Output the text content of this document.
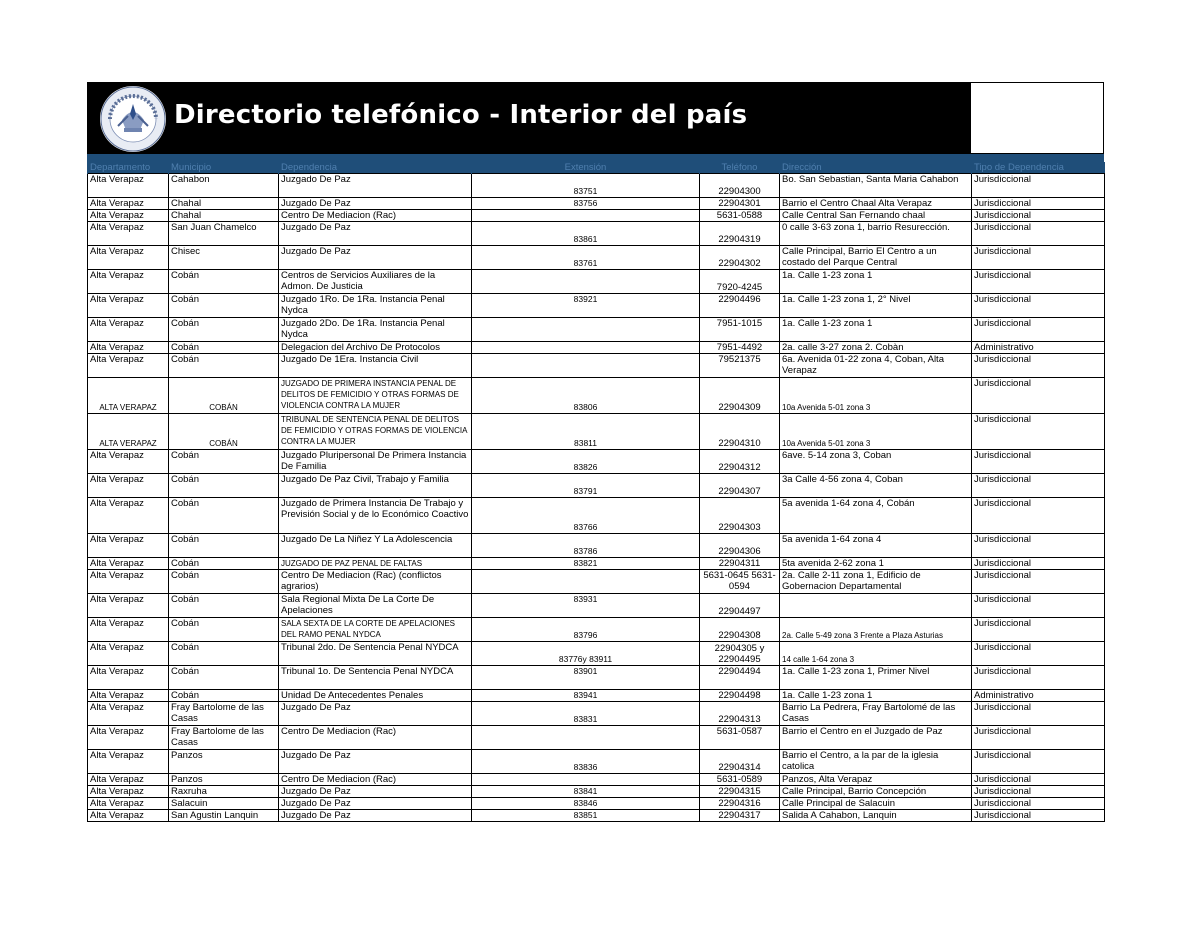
Directorio telefónico - Interior del país
Departamento	Municipio	Dependencia	Extensión	Teléfono	Dirección	Tipo de Dependencia
Alta Verapaz	Cahabon	Juzgado De Paz	83751	22904300	Bo. San Sebastian, Santa Maria Cahabon	Jurisdiccional
Alta Verapaz	Chahal	Juzgado De Paz	83756	22904301	Barrio el Centro Chaal Alta Verapaz	Jurisdiccional
Alta Verapaz	Chahal	Centro De Mediacion (Rac)		5631-0588	Calle Central San Fernando chaal	Jurisdiccional
Alta Verapaz	San Juan Chamelco	Juzgado De Paz	83861	22904319	0 calle 3-63 zona 1, barrio Resurección.	Jurisdiccional
Alta Verapaz	Chisec	Juzgado De Paz	83761	22904302	Calle Principal, Barrio El Centro a un costado del Parque Central	Jurisdiccional
Alta Verapaz	Cobán	Centros de Servicios Auxiliares de la Admon. De Justicia		7920-4245	1a. Calle 1-23 zona 1	Jurisdiccional
Alta Verapaz	Cobán	Juzgado 1Ro. De 1Ra. Instancia Penal Nydca	83921	22904496	1a. Calle 1-23 zona 1, 2° Nivel	Jurisdiccional
Alta Verapaz	Cobán	Juzgado 2Do. De 1Ra. Instancia Penal Nydca		7951-1015	1a. Calle 1-23 zona 1	Jurisdiccional
Alta Verapaz	Cobán	Delegacion del Archivo De Protocolos		7951-4492	2a. calle 3-27 zona 2. Cobàn	Administrativo
Alta Verapaz	Cobán	Juzgado De 1Era. Instancia Civil		79521375	6a. Avenida 01-22 zona 4, Coban, Alta Verapaz	Jurisdiccional
ALTA VERAPAZ	COBÁN	JUZGADO DE PRIMERA INSTANCIA PENAL DE DELITOS DE FEMICIDIO Y OTRAS FORMAS DE VIOLENCIA CONTRA LA MUJER	83806	22904309	10a Avenida 5-01 zona 3	Jurisdiccional
ALTA VERAPAZ	COBÁN	TRIBUNAL DE SENTENCIA PENAL DE DELITOS DE FEMICIDIO Y OTRAS FORMAS DE VIOLENCIA CONTRA LA MUJER	83811	22904310	10a Avenida 5-01 zona 3	Jurisdiccional
Alta Verapaz	Cobán	Juzgado Pluripersonal De Primera Instancia De Familia	83826	22904312	6ave. 5-14 zona 3, Coban	Jurisdiccional
Alta Verapaz	Cobán	Juzgado De Paz Civil, Trabajo y Familia	83791	22904307	3a Calle 4-56 zona 4, Coban	Jurisdiccional
Alta Verapaz	Cobán	Juzgado de Primera Instancia De Trabajo y Previsión Social y de lo Económico Coactivo	83766	22904303	5a avenida 1-64 zona 4, Cobán	Jurisdiccional
Alta Verapaz	Cobán	Juzgado De La Niñez Y La Adolescencia	83786	22904306	5a avenida 1-64 zona 4	Jurisdiccional
Alta Verapaz	Cobán	JUZGADO DE PAZ PENAL DE FALTAS	83821	22904311	5ta avenida 2-62 zona 1	Jurisdiccional
Alta Verapaz	Cobán	Centro De Mediacion (Rac) (conflictos agrarios)		5631-0645 5631-0594	2a. Calle 2-11 zona 1, Edificio de Gobernacion Departamental	Jurisdiccional
Alta Verapaz	Cobán	Sala Regional Mixta De La Corte De Apelaciones	83931	22904497		Jurisdiccional
Alta Verapaz	Cobán	SALA SEXTA DE LA CORTE DE APELACIONES DEL RAMO PENAL NYDCA	83796	22904308	2a. Calle 5-49 zona 3 Frente a Plaza Asturias	Jurisdiccional
Alta Verapaz	Cobán	Tribunal 2do. De Sentencia Penal NYDCA	83776y 83911	22904305 y 22904495	14 calle 1-64 zona 3	Jurisdiccional
Alta Verapaz	Cobán	Tribunal 1o. De Sentencia Penal NYDCA	83901	22904494	1a. Calle 1-23 zona 1, Primer Nivel	Jurisdiccional
Alta Verapaz	Cobán	Unidad De Antecedentes Penales	83941	22904498	1a. Calle 1-23 zona 1	Administrativo
Alta Verapaz	Fray Bartolome de las Casas	Juzgado De Paz	83831	22904313	Barrio La Pedrera, Fray Bartolomé de las Casas	Jurisdiccional
Alta Verapaz	Fray Bartolome de las Casas	Centro De Mediacion (Rac)		5631-0587	Barrio el Centro en el Juzgado de Paz	Jurisdiccional
Alta Verapaz	Panzos	Juzgado De Paz	83836	22904314	Barrio el Centro, a la par de la iglesia catolica	Jurisdiccional
Alta Verapaz	Panzos	Centro De Mediacion (Rac)		5631-0589	Panzos, Alta Verapaz	Jurisdiccional
Alta Verapaz	Raxruha	Juzgado De Paz	83841	22904315	Calle Principal, Barrio Concepción	Jurisdiccional
Alta Verapaz	Salacuin	Juzgado De Paz	83846	22904316	Calle Principal de Salacuin	Jurisdiccional
Alta Verapaz	San Agustin Lanquin	Juzgado De Paz	83851	22904317	Salida A Cahabon, Lanquin	Jurisdiccional
